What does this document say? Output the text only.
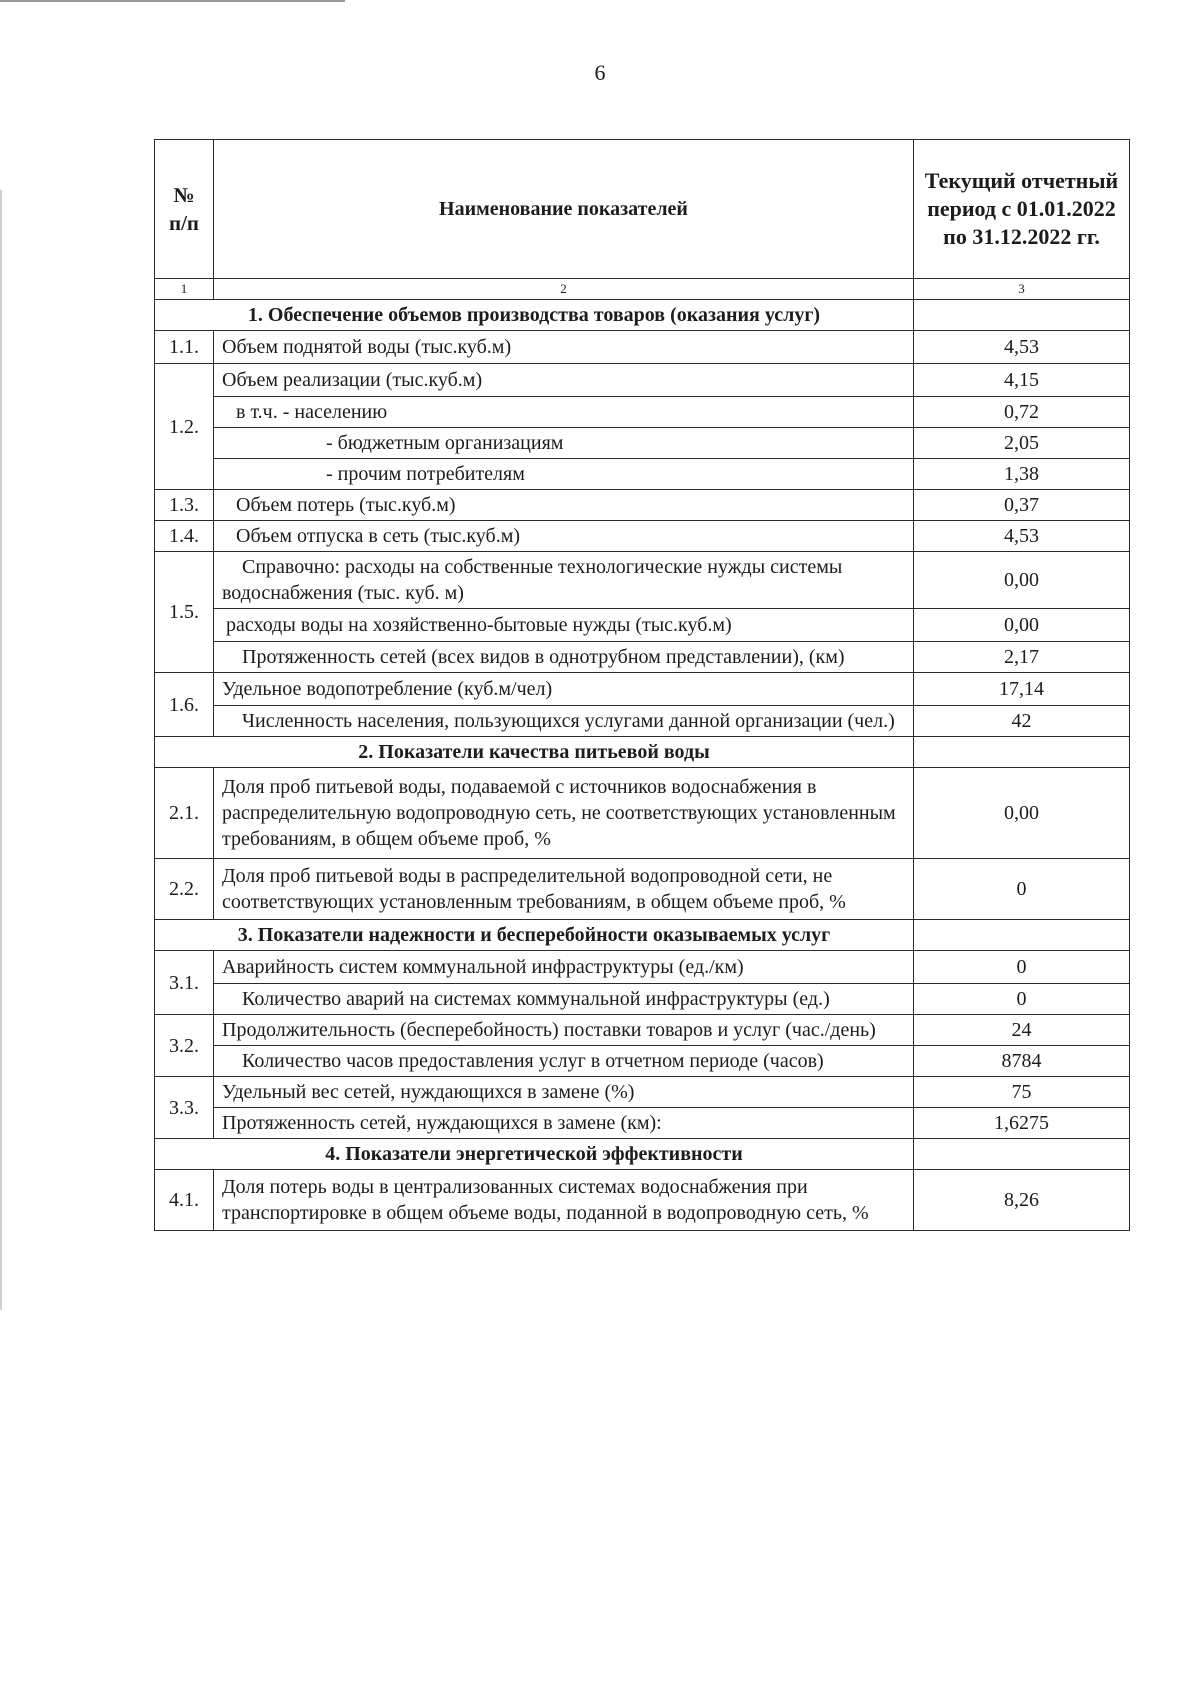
6
№ п/п	Наименование показателей	Текущий отчетный период с 01.01.2022 по 31.12.2022 гг.
1	2	3
1. Обеспечение объемов производства товаров (оказания услуг)		
1.1.	Объем поднятой воды (тыс.куб.м)	4,53
1.2.	Объем реализации (тыс.куб.м)	4,15
	в т.ч. - населению	0,72
	- бюджетным организациям	2,05
	- прочим потребителям	1,38
1.3.	Объем потерь (тыс.куб.м)	0,37
1.4.	Объем отпуска в сеть (тыс.куб.м)	4,53
1.5.	Справочно: расходы на собственные технологические нужды системы водоснабжения (тыс. куб. м)	0,00
	расходы воды на хозяйственно-бытовые нужды (тыс.куб.м)	0,00
	Протяженность сетей (всех видов в однотрубном представлении), (км)	2,17
1.6.	Удельное водопотребление (куб.м/чел)	17,14
	Численность населения, пользующихся услугами данной организации (чел.)	42
2. Показатели качества питьевой воды		
2.1.	Доля проб питьевой воды, подаваемой с источников водоснабжения в распределительную водопроводную сеть, не соответствующих установленным требованиям, в общем объеме проб, %	0,00
2.2.	Доля проб питьевой воды в распределительной водопроводной сети, не соответствующих установленным требованиям, в общем объеме проб, %	0
3. Показатели надежности и бесперебойности оказываемых услуг		
3.1.	Аварийность систем коммунальной инфраструктуры (ед./км)	0
	Количество аварий на системах коммунальной инфраструктуры (ед.)	0
3.2.	Продолжительность (бесперебойность) поставки товаров и услуг (час./день)	24
	Количество часов предоставления услуг в отчетном периоде (часов)	8784
3.3.	Удельный вес сетей, нуждающихся в замене (%)	75
	Протяженность сетей, нуждающихся в замене (км):	1,6275
4. Показатели энергетической эффективности		
4.1.	Доля потерь воды в централизованных системах водоснабжения при транспортировке в общем объеме воды, поданной в водопроводную сеть, %	8,26
